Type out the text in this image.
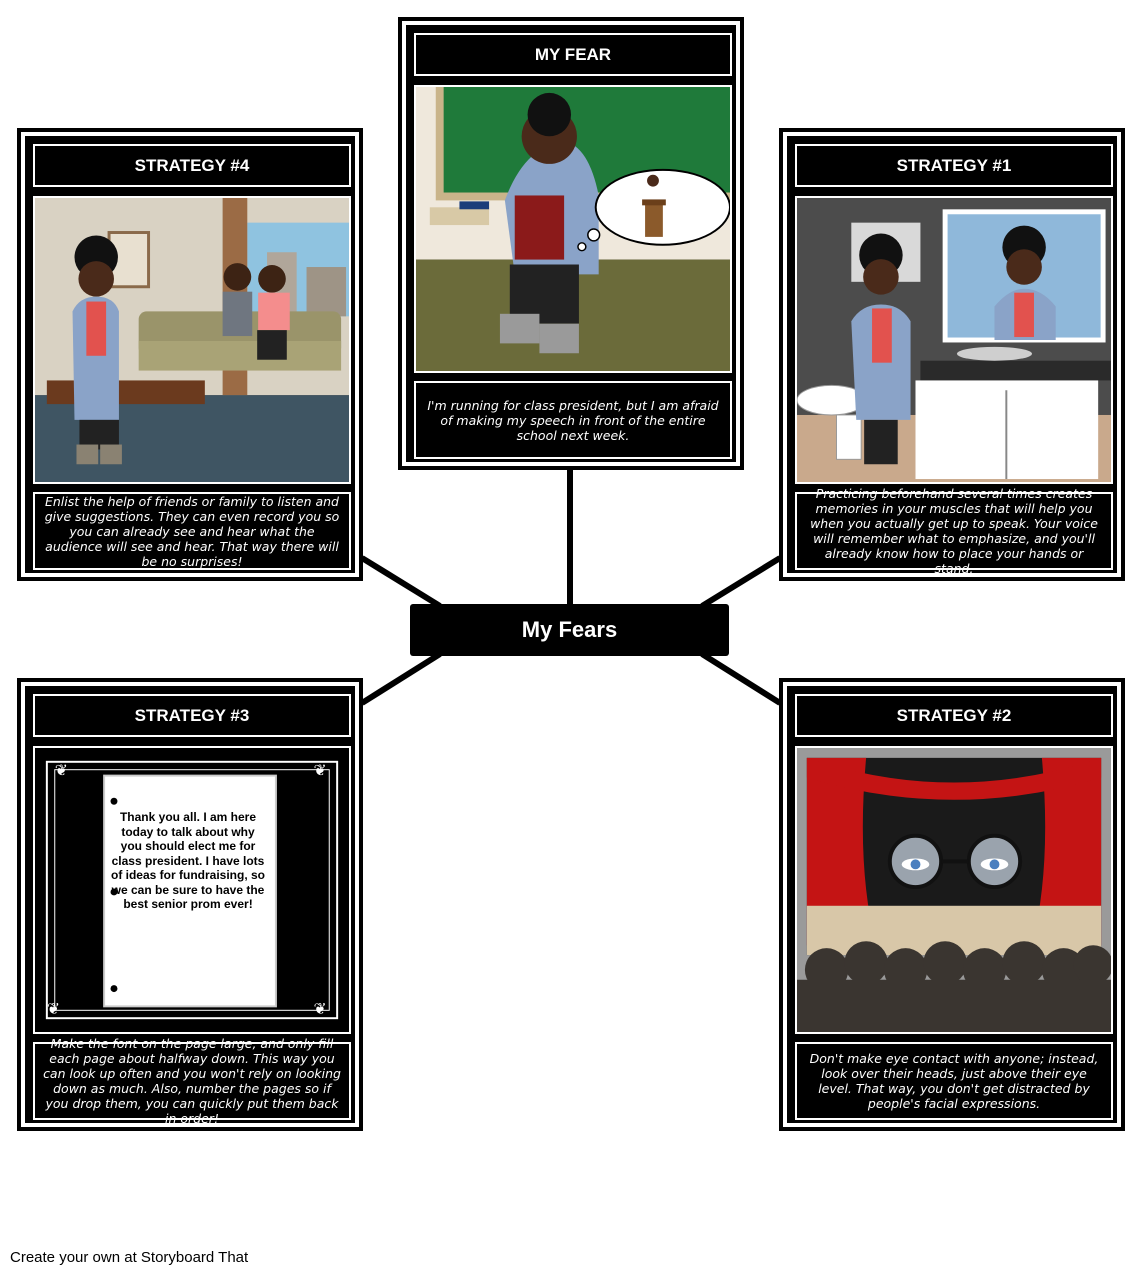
MY FEAR
I'm running for class president, but I am afraid of making my speech in front of the entire school next week.
STRATEGY #4
Enlist the help of friends or family to listen and give suggestions. They can even record you so you can already see and hear what the audience will see and hear. That way there will be no surprises!
STRATEGY #1
Practicing beforehand several times creates memories in your muscles that will help you when you actually get up to speak. Your voice will remember what to emphasize, and you'll already know how to place your hands or stand.
STRATEGY #3
❦	❦
❦	❦
Make the font on the page large, and only fill each page about halfway down. This way you can look up often and you won't rely on looking down as much. Also, number the pages so if you drop them, you can quickly put them back in order!
Thank you all. I am here today to talk about why you should elect me for class president. I have lots of ideas for fundraising, so we can be sure to have the best senior prom ever!
STRATEGY #2
Don't make eye contact with anyone; instead, look over their heads, just above their eye level. That way, you don't get distracted by people's facial expressions.
My Fears
Create your own at Storyboard That
